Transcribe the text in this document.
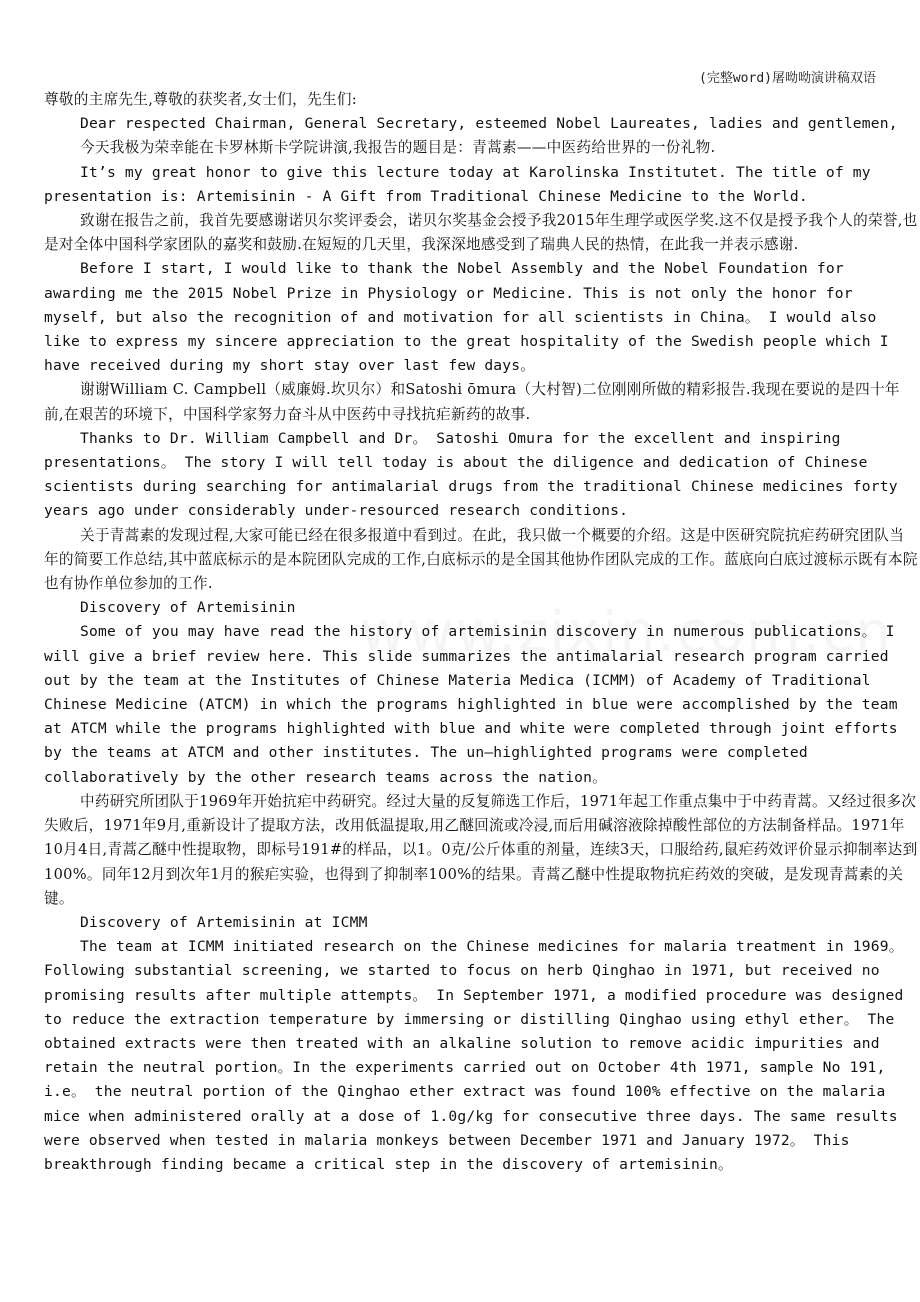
(完整word)屠呦呦演讲稿双语

尊敬的主席先生,尊敬的获奖者,女士们，先生们:

Dear respected Chairman, General Secretary, esteemed Nobel Laureates, ladies and gentlemen,

今天我极为荣幸能在卡罗林斯卡学院讲演,我报告的题目是：青蒿素——中医药给世界的一份礼物.

It’s my great honor to give this lecture today at Karolinska Institutet. The title of my presentation is: Artemisinin - A Gift from Traditional Chinese Medicine to the World.

致谢在报告之前，我首先要感谢诺贝尔奖评委会，诺贝尔奖基金会授予我2015年生理学或医学奖.这不仅是授予我个人的荣誉,也是对全体中国科学家团队的嘉奖和鼓励.在短短的几天里，我深深地感受到了瑞典人民的热情，在此我一并表示感谢.

Before I start, I would like to thank the Nobel Assembly and the Nobel Foundation for awarding me the 2015 Nobel Prize in Physiology or Medicine. This is not only the honor for myself, but also the recognition of and motivation for all scientists in China。 I would also like to express my sincere appreciation to the great hospitality of the Swedish people which I have received during my short stay over last few days。

谢谢William C. Campbell（威廉姆.坎贝尔）和Satoshi ōmura（大村智)二位刚刚所做的精彩报告.我现在要说的是四十年前,在艰苦的环境下，中国科学家努力奋斗从中医药中寻找抗疟新药的故事.

Thanks to Dr. William Campbell and Dr。 Satoshi Omura for the excellent and inspiring presentations。 The story I will tell today is about the diligence and dedication of Chinese scientists during searching for antimalarial drugs from the traditional Chinese medicines forty years ago under considerably under-resourced research conditions.

关于青蒿素的发现过程,大家可能已经在很多报道中看到过。在此，我只做一个概要的介绍。这是中医研究院抗疟药研究团队当年的简要工作总结,其中蓝底标示的是本院团队完成的工作,白底标示的是全国其他协作团队完成的工作。蓝底向白底过渡标示既有本院也有协作单位参加的工作.

Discovery of Artemisinin

Some of you may have read the history of artemisinin discovery in numerous publications。 I will give a brief review here. This slide summarizes the antimalarial research program carried out by the team at the Institutes of Chinese Materia Medica (ICMM) of Academy of Traditional Chinese Medicine (ATCM) in which the programs highlighted in blue were accomplished by the team at ATCM while the programs highlighted with blue and white were completed through joint efforts by the teams at ATCM and other institutes. The un—highlighted programs were completed collaboratively by the other research teams across the nation。

中药研究所团队于1969年开始抗疟中药研究。经过大量的反复筛选工作后，1971年起工作重点集中于中药青蒿。又经过很多次失败后，1971年9月,重新设计了提取方法，改用低温提取,用乙醚回流或冷浸,而后用碱溶液除掉酸性部位的方法制备样品。1971年10月4日,青蒿乙醚中性提取物，即标号191#的样品，以1。0克/公斤体重的剂量，连续3天，口服给药,鼠疟药效评价显示抑制率达到100%。同年12月到次年1月的猴疟实验，也得到了抑制率100%的结果。青蒿乙醚中性提取物抗疟药效的突破，是发现青蒿素的关键。

Discovery of Artemisinin at ICMM

The team at ICMM initiated research on the Chinese medicines for malaria treatment in 1969。 Following substantial screening, we started to focus on herb Qinghao in 1971, but received no promising results after multiple attempts。 In September 1971, a modified procedure was designed to reduce the extraction temperature by immersing or distilling Qinghao using ethyl ether。 The obtained extracts were then treated with an alkaline solution to remove acidic impurities and retain the neutral portion。In the experiments carried out on October 4th 1971, sample No 191, i.e。 the neutral portion of the Qinghao ether extract was found 100% effective on the malaria mice when administered orally at a dose of 1.0g/kg for consecutive three days. The same results were observed when tested in malaria monkeys between December 1971 and January 1972。 This breakthrough finding became a critical step in the discovery of artemisinin。
